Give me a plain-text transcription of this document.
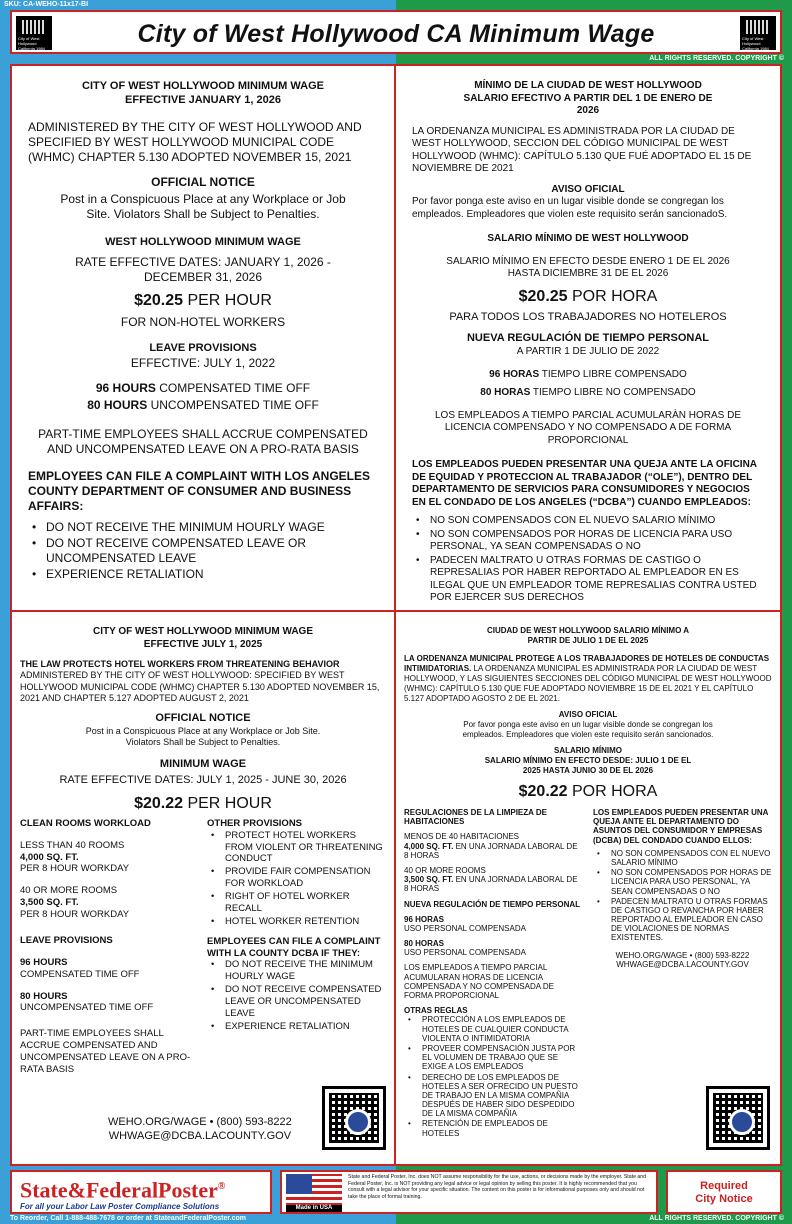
SKU: CA-WEHO-11x17-BI
City of West Hollywood California 1984
City of West Hollywood CA Minimum Wage	City of West Hollywood California 1984
ALL RIGHTS RESERVED. COPYRIGHT ©
CITY OF WEST HOLLYWOOD MINIMUM WAGE EFFECTIVE JANUARY 1, 2026

ADMINISTERED BY THE CITY OF WEST HOLLYWOOD AND SPECIFIED BY WEST HOLLYWOOD MUNICIPAL CODE (WHMC) CHAPTER 5.130 ADOPTED NOVEMBER 15, 2021

OFFICIAL NOTICE

Post in a Conspicuous Place at any Workplace or Job Site. Violators Shall be Subject to Penalties.

WEST HOLLYWOOD MINIMUM WAGE

RATE EFFECTIVE DATES: JANUARY 1, 2026 - DECEMBER 31, 2026

$20.25 PER HOUR

FOR NON-HOTEL WORKERS

LEAVE PROVISIONS

EFFECTIVE: JULY 1, 2022

96 HOURS COMPENSATED TIME OFF

80 HOURS UNCOMPENSATED TIME OFF

PART-TIME EMPLOYEES SHALL ACCRUE COMPENSATED AND UNCOMPENSATED LEAVE ON A PRO-RATA BASIS

EMPLOYEES CAN FILE A COMPLAINT WITH LOS ANGELES COUNTY DEPARTMENT OF CONSUMER AND BUSINESS AFFAIRS:

• DO NOT RECEIVE THE MINIMUM HOURLY WAGE
• DO NOT RECEIVE COMPENSATED LEAVE OR UNCOMPENSATED LEAVE
• EXPERIENCE RETALIATION
MÍNIMO DE LA CIUDAD DE WEST HOLLYWOOD SALARIO EFECTIVO A PARTIR DEL 1 DE ENERO DE 2026

LA ORDENANZA MUNICIPAL ES ADMINISTRADA POR LA CIUDAD DE WEST HOLLYWOOD, SECCION DEL CÓDIGO MUNICIPAL DE WEST HOLLYWOOD (WHMC): CAPÍTULO 5.130 QUE FUÉ ADOPTADO EL 15 DE NOVIEMBRE DE 2021

AVISO OFICIAL

Por favor ponga este aviso en un lugar visible donde se congregan los empleados. Empleadores que violen este requisito serán sancionadoS.

SALARIO MÍNIMO DE WEST HOLLYWOOD

SALARIO MÍNIMO EN EFECTO DESDE ENERO 1 DE EL 2026 HASTA DICIEMBRE 31 DE EL 2026

$20.25 POR HORA

PARA TODOS LOS TRABAJADORES NO HOTELEROS

NUEVA REGULACIÓN DE TIEMPO PERSONAL

A PARTIR 1 DE JULIO DE 2022

96 HORAS TIEMPO LIBRE COMPENSADO

80 HORAS TIEMPO LIBRE NO COMPENSADO

LOS EMPLEADOS A TIEMPO PARCIAL ACUMULARÀN HORAS DE LICENCIA COMPENSADO Y NO COMPENSADO A DE FORMA PROPORCIONAL

LOS EMPLEADOS PUEDEN PRESENTAR UNA QUEJA ANTE LA OFICINA DE EQUIDAD Y PROTECCION AL TRABAJADOR (“OLE”), DENTRO DEL DEPARTAMENTO DE SERVICIOS PARA CONSUMIDORES Y NEGOCIOS EN EL CONDADO DE LOS ANGELES (“DCBA”) CUANDO EMPLEADOS:

• NO SON COMPENSADOS CON EL NUEVO SALARIO MÍNIMO
• NO SON COMPENSADOS POR HORAS DE LICENCIA PARA USO PERSONAL, YA SEAN COMPENSADAS O NO
• PADECEN MALTRATO U OTRAS FORMAS DE CASTIGO O REPRESALIAS POR HABER REPORTADO AL EMPLEADOR EN ES ILEGAL QUE UN EMPLEADOR TOME REPRESALIAS CONTRA USTED POR EJERCER SUS DERECHOS
CITY OF WEST HOLLYWOOD MINIMUM WAGE EFFECTIVE JULY 1, 2025

THE LAW PROTECTS HOTEL WORKERS FROM THREATENING BEHAVIOR ADMINISTERED BY THE CITY OF WEST HOLLYWOOD: SPECIFIED BY WEST HOLLYWOOD MUNICIPAL CODE (WHMC) CHAPTER 5.130 ADOPTED NOVEMBER 15, 2021 AND CHAPTER 5.127 ADOPTED AUGUST 2, 2021

OFFICIAL NOTICE

Post in a Conspicuous Place at any Workplace or Job Site. Violators Shall be Subject to Penalties.

MINIMUM WAGE

RATE EFFECTIVE DATES: JULY 1, 2025 - JUNE 30, 2026

$20.22 PER HOUR
CLEAN ROOMS WORKLOAD
LESS THAN 40 ROOMS
4,000 SQ. FT.
PER 8 HOUR WORKDAY
40 OR MORE ROOMS
3,500 SQ. FT.
PER 8 HOUR WORKDAY
LEAVE PROVISIONS
96 HOURS
COMPENSATED TIME OFF
80 HOURS
UNCOMPENSATED TIME OFF
PART-TIME EMPLOYEES SHALL ACCRUE COMPENSATED AND UNCOMPENSATED LEAVE ON A PRO-RATA BASIS
OTHER PROVISIONS
• PROTECT HOTEL WORKERS FROM VIOLENT OR THREATENING CONDUCT
• PROVIDE FAIR COMPENSATION FOR WORKLOAD
• RIGHT OF HOTEL WORKER RECALL
• HOTEL WORKER RETENTION
EMPLOYEES CAN FILE A COMPLAINT WITH LA COUNTY DCBA IF THEY:
• DO NOT RECEIVE THE MINIMUM HOURLY WAGE
• DO NOT RECEIVE COMPENSATED LEAVE OR UNCOMPENSATED LEAVE
• EXPERIENCE RETALIATION
WEHO.ORG/WAGE • (800) 593-8222
WHWAGE@DCBA.LACOUNTY.GOV
CIUDAD DE WEST HOLLYWOOD SALARIO MÍNIMO A PARTIR DE JULIO 1 DE EL 2025

LA ORDENANZA MUNICIPAL PROTEGE A LOS TRABAJADORES DE HOTELES DE CONDUCTAS INTIMIDATORIAS. LA ORDENANZA MUNICIPAL ES ADMINISTRADA POR LA CIUDAD DE WEST HOLLYWOOD, Y LAS SIGUIENTES SECCIONES DEL CÓDIGO MUNICIPAL DE WEST HOLLYWOOD (WHMC): CAPÍTULO 5.130 QUE FUE ADOPTADO NOVIEMBRE 15 DE EL 2021 Y EL CAPÍTULO 5.127 ADOPTADO AGOSTO 2 DE EL 2021.

AVISO OFICIAL

Por favor ponga este aviso en un lugar visible donde se congregan los empleados. Empleadores que violen este requisito serán sancionados.

SALARIO MÍNIMO

SALARIO MÍNIMO EN EFECTO DESDE: JULIO 1 DE EL 2025 HASTA JUNIO 30 DE EL 2026

$20.22 POR HORA
REGULACIONES DE LA LIMPIEZA DE HABITACIONES
MENOS DE 40 HABITACIONES
4,000 SQ. FT. EN UNA JORNADA LABORAL DE 8 HORAS
40 OR MORE ROOMS
3,500 SQ. FT. EN UNA JORNADA LABORAL DE 8 HORAS
NUEVA REGULACIÓN DE TIEMPO PERSONAL
96 HORAS
USO PERSONAL COMPENSADA
80 HORAS
USO PERSONAL COMPENSADA
LOS EMPLEADOS A TIEMPO PARCIAL ACUMULARAN HORAS DE LICENCIA COMPENSADA Y NO COMPENSADA DE FORMA PROPORCIONAL
OTRAS REGLAS
• PROTECCIÓN A LOS EMPLEADOS DE HOTELES DE CUALQUIER CONDUCTA VIOLENTA O INTIMIDATORIA
• PROVEER COMPENSACIÓN JUSTA POR EL VOLUMEN DE TRABAJO QUE SE EXIGE A LOS EMPLEADOS
• DERECHO DE LOS EMPLEADOS DE HOTELES A SER OFRECIDO UN PUESTO DE TRABAJO EN LA MISMA COMPAÑIA DESPUÉS DE HABER SIDO DESPEDIDO DE LA MISMA COMPAÑIA
• RETENCIÓN DE EMPLEADOS DE HOTELES
LOS EMPLEADOS PUEDEN PRESENTAR UNA QUEJA ANTE EL DEPARTAMENTO DO ASUNTOS DEL CONSUMIDOR Y EMPRESAS (DCBA) DEL CONDADO CUANDO ELLOS:
• NO SON COMPENSADOS CON EL NUEVO SALARIO MÍNIMO
• NO SON COMPENSADOS POR HORAS DE LICENCIA PARA USO PERSONAL, YA SEAN COMPENSADAS O NO
• PADECEN MALTRATO U OTRAS FORMAS DE CASTIGO O REVANCHA POR HABER REPORTADO AL EMPLEADOR EN CASO DE VIOLACIONES DE NORMAS EXISTENTES.
WEHO.ORG/WAGE • (800) 593-8222
WHWAGE@DCBA.LACOUNTY.GOV
State&FederalPoster®
For all your Labor Law Poster Compliance Solutions	Made in USA
State and Federal Poster, Inc. does NOT assume responsibility for the use, actions, or decisions made by the employer. State and Federal Poster, Inc. is NOT providing any legal advice or legal opinion by selling this poster. It is highly recommended that you consult with a legal advisor for your specific situation. The content on this poster is for informational purposes only and should not take the place of formal training.
Required
City Notice
To Reorder, Call 1-888-488-7678 or order at StateandFederalPoster.com	ALL RIGHTS RESERVED. COPYRIGHT ©
